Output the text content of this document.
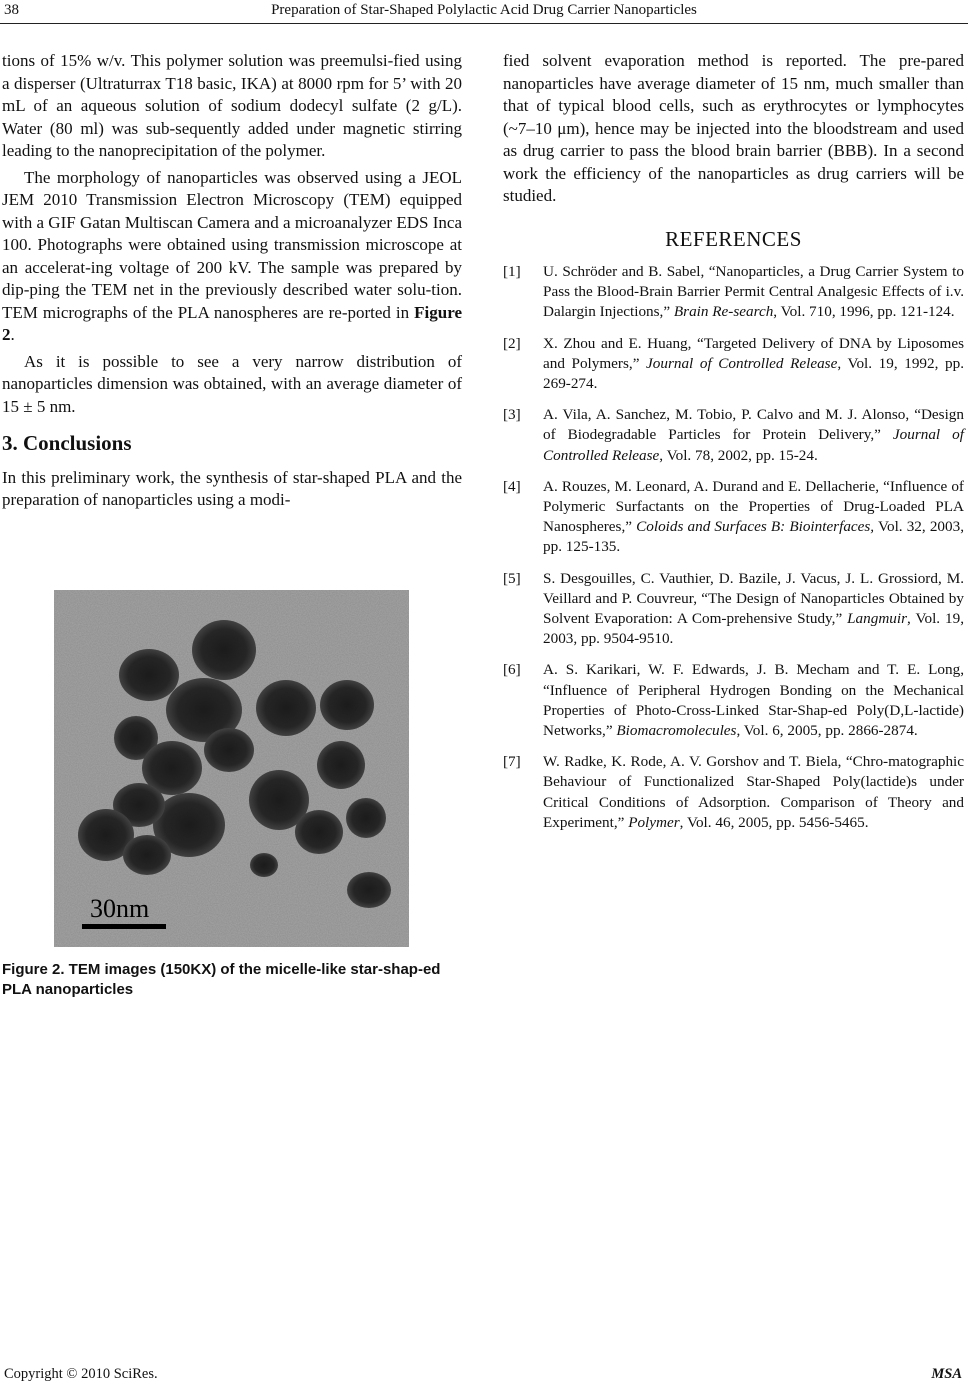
38	Preparation of Star-Shaped Polylactic Acid Drug Carrier Nanoparticles

tions of 15% w/v. This polymer solution was preemulsi-fied using a disperser (Ultraturrax T18 basic, IKA) at 8000 rpm for 5’ with 20 mL of an aqueous solution of sodium dodecyl sulfate (2 g/L). Water (80 ml) was sub-sequently added under magnetic stirring leading to the nanoprecipitation of the polymer.

The morphology of nanoparticles was observed using a JEOL JEM 2010 Transmission Electron Microscopy (TEM) equipped with a GIF Gatan Multiscan Camera and a microanalyzer EDS Inca 100. Photographs were obtained using transmission microscope at an accelerat-ing voltage of 200 kV. The sample was prepared by dip-ping the TEM net in the previously described water solu-tion. TEM micrographs of the PLA nanospheres are re-ported in Figure 2.

As it is possible to see a very narrow distribution of nanoparticles dimension was obtained, with an average diameter of 15 ± 5 nm.

3. Conclusions

In this preliminary work, the synthesis of star-shaped PLA and the preparation of nanoparticles using a modi-

30nm
Figure 2. TEM images (150KX) of the micelle-like star-shap-ed PLA nanoparticles

fied solvent evaporation method is reported. The pre-pared nanoparticles have average diameter of 15 nm, much smaller than that of typical blood cells, such as erythrocytes or lymphocytes (~7–10 μm), hence may be injected into the bloodstream and used as drug carrier to pass the blood brain barrier (BBB). In a second work the efficiency of the nanoparticles as drug carriers will be studied.

REFERENCES
[1] U. Schröder and B. Sabel, “Nanoparticles, a Drug Carrier System to Pass the Blood-Brain Barrier Permit Central Analgesic Effects of i.v. Dalargin Injections,” Brain Re-search, Vol. 710, 1996, pp. 121-124.
[2] X. Zhou and E. Huang, “Targeted Delivery of DNA by Liposomes and Polymers,” Journal of Controlled Release, Vol. 19, 1992, pp. 269-274.
[3] A. Vila, A. Sanchez, M. Tobio, P. Calvo and M. J. Alonso, “Design of Biodegradable Particles for Protein Delivery,” Journal of Controlled Release, Vol. 78, 2002, pp. 15-24.
[4] A. Rouzes, M. Leonard, A. Durand and E. Dellacherie, “Influence of Polymeric Surfactants on the Properties of Drug-Loaded PLA Nanospheres,” Coloids and Surfaces B: Biointerfaces, Vol. 32, 2003, pp. 125-135.
[5] S. Desgouilles, C. Vauthier, D. Bazile, J. Vacus, J. L. Grossiord, M. Veillard and P. Couvreur, “The Design of Nanoparticles Obtained by Solvent Evaporation: A Com-prehensive Study,” Langmuir, Vol. 19, 2003, pp. 9504-9510.
[6] A. S. Karikari, W. F. Edwards, J. B. Mecham and T. E. Long, “Influence of Peripheral Hydrogen Bonding on the Mechanical Properties of Photo-Cross-Linked Star-Shap-ed Poly(D,L-lactide) Networks,” Biomacromolecules, Vol. 6, 2005, pp. 2866-2874.
[7] W. Radke, K. Rode, A. V. Gorshov and T. Biela, “Chro-matographic Behaviour of Functionalized Star-Shaped Poly(lactide)s under Critical Conditions of Adsorption. Comparison of Theory and Experiment,” Polymer, Vol. 46, 2005, pp. 5456-5465.
Copyright © 2010 SciRes.	MSA
